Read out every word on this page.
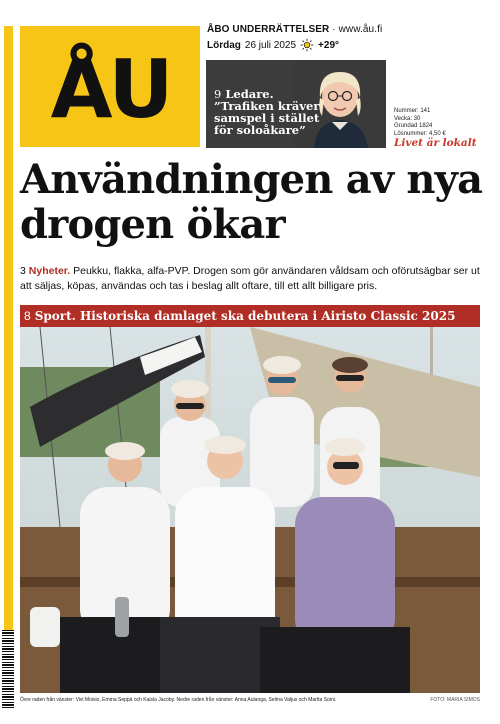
ÅU
ÅBO UNDERRÄTTELSER · www.åu.fi
Lördag 26 juli 2025 +29°
9 Ledare.
”Trafiken kräver samspel i stället för soloåkare”
Nummer: 141
Vecka: 30
Grundad 1824
Lösnummer: 4,50 €
Livet är lokalt
Användningen av nya drogen ökar

3 Nyheter. Peukku, flakka, alfa-PVP. Drogen som gör användaren våldsam och oförutsägbar ser ut att säljas, köpas, användas och tas i beslag allt oftare, till ett allt billigare pris.

8 Sport. Historiska damlaget ska debutera i Airisto Classic 2025
Övre raden från vänster: Vivi Moisio, Emma Seppä och Kaisla Jacoby. Nedre raden från vänster: Anna Aulanga, Selma Valjus och Martta Soini.	FOTO: MARIA SIMOS
